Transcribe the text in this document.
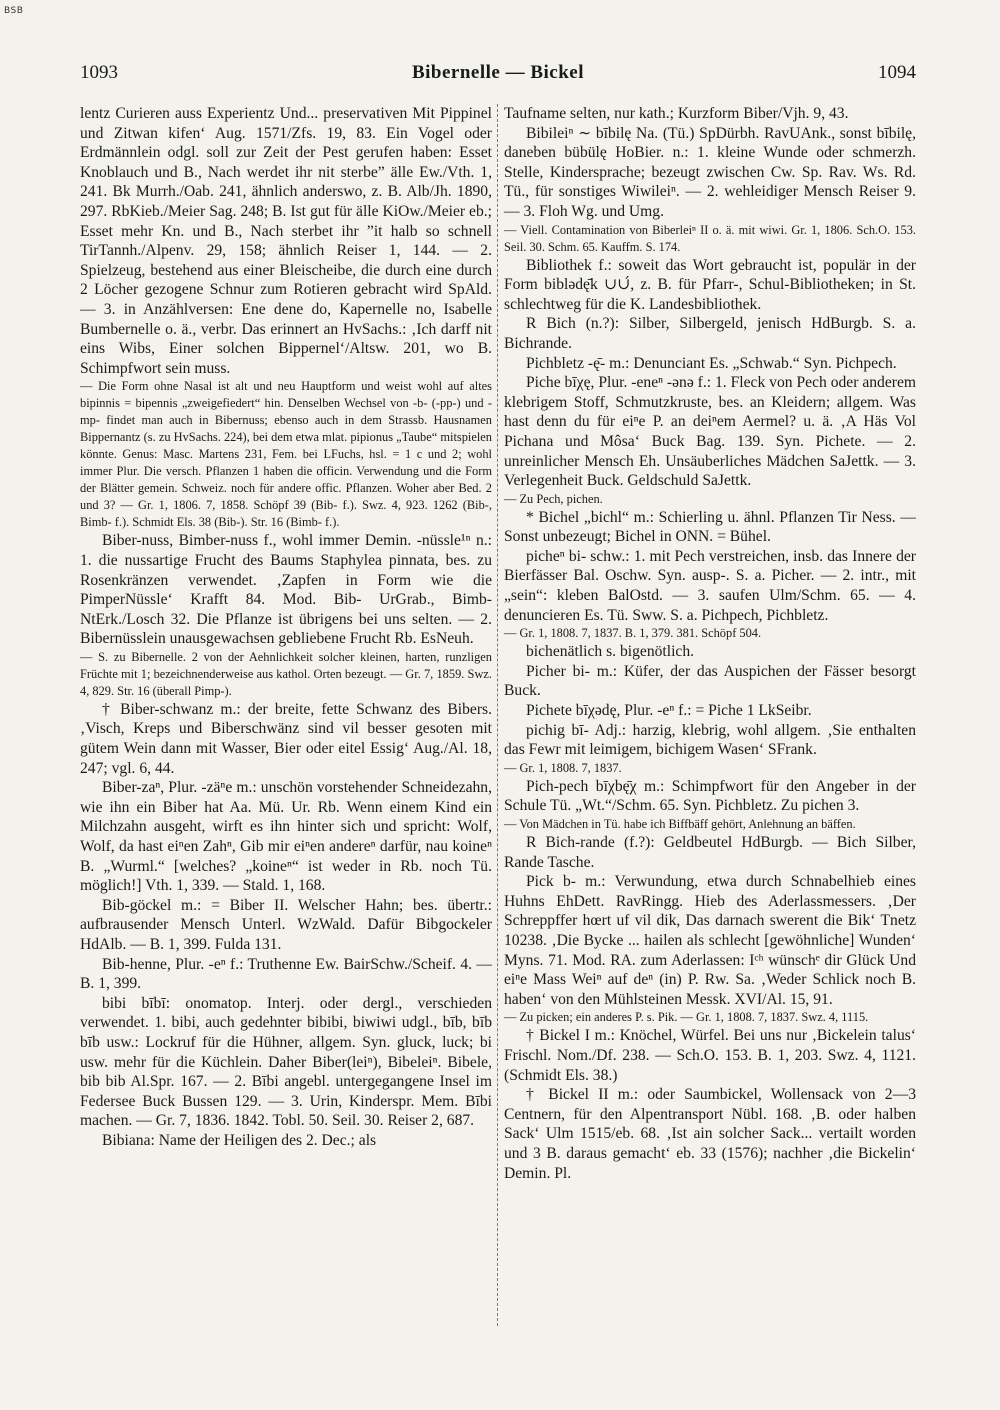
BSB
1093	Bibernelle — Bickel	1094

lentz Curieren auss Experientz Und... preservativen Mit Pippinel und Zitwan kifen‘ Aug. 1571/Zfs. 19, 83. Ein Vogel oder Erdmännlein odgl. soll zur Zeit der Pest gerufen haben: Esset Knoblauch und B., Nach werdet ihr nit sterbe” älle Ew./Vth. 1, 241. Bk Murrh./Oab. 241, ähnlich anderswo, z. B. Alb/Jh. 1890, 297. RbKieb./Meier Sag. 248; B. Ist gut für älle KiOw./Meier eb.; Esset mehr Kn. und B., Nach sterbet ihr ”it halb so schnell TirTannh./Alpenv. 29, 158; ähnlich Reiser 1, 144. — 2. Spielzeug, bestehend aus einer Bleischeibe, die durch eine durch 2 Löcher gezogene Schnur zum Rotieren gebracht wird SpAld. — 3. in Anzählversen: Ene dene do, Kapernelle no, Isabelle Bumbernelle o. ä., verbr. Das erinnert an HvSachs.: ‚Ich darff nit eins Wibs, Einer solchen Bippernel‘/Altsw. 201, wo B. Schimpfwort sein muss.

— Die Form ohne Nasal ist alt und neu Hauptform und weist wohl auf altes bipinnis = bipennis „zweigefiedert“ hin. Denselben Wechsel von -b- (-pp-) und -mp- findet man auch in Bibernuss; ebenso auch in dem Strassb. Hausnamen Bippernantz (s. zu HvSachs. 224), bei dem etwa mlat. pipionus „Taube“ mitspielen könnte. Genus: Masc. Martens 231, Fem. bei LFuchs, hsl. = 1 c und 2; wohl immer Plur. Die versch. Pflanzen 1 haben die officin. Verwendung und die Form der Blätter gemein. Schweiz. noch für andere offic. Pflanzen. Woher aber Bed. 2 und 3? — Gr. 1, 1806. 7, 1858. Schöpf 39 (Bib- f.). Swz. 4, 923. 1262 (Bib-, Bimb- f.). Schmidt Els. 38 (Bib-). Str. 16 (Bimb- f.).

Biber-nuss, Bimber-nuss f., wohl immer Demin. -nüssle¹ⁿ n.: 1. die nussartige Frucht des Baums Staphylea pinnata, bes. zu Rosenkränzen verwendet. ‚Zapfen in Form wie die PimperNüssle‘ Krafft 84. Mod. Bib- UrGrab., Bimb- NtErk./Losch 32. Die Pflanze ist übrigens bei uns selten. — 2. Bibernüsslein unausgewachsen gebliebene Frucht Rb. EsNeuh.

— S. zu Bibernelle. 2 von der Aehnlichkeit solcher kleinen, harten, runzligen Früchte mit 1; bezeichnenderweise aus kathol. Orten bezeugt. — Gr. 7, 1859. Swz. 4, 829. Str. 16 (überall Pimp-).

† Biber-schwanz m.: der breite, fette Schwanz des Bibers. ‚Visch, Kreps und Biberschwänz sind vil besser gesoten mit gütem Wein dann mit Wasser, Bier oder eitel Essig‘ Aug./Al. 18, 247; vgl. 6, 44.

Biber-zaⁿ, Plur. -zäⁿe m.: unschön vorstehender Schneidezahn, wie ihn ein Biber hat Aa. Mü. Ur. Rb. Wenn einem Kind ein Milchzahn ausgeht, wirft es ihn hinter sich und spricht: Wolf, Wolf, da hast eiⁿen Zahⁿ, Gib mir eiⁿen andereⁿ darfür, nau koineⁿ B. „Wurml.“ [welches? „koineⁿ“ ist weder in Rb. noch Tü. möglich!] Vth. 1, 339. — Stald. 1, 168.

Bib-göckel m.: = Biber II. Welscher Hahn; bes. übertr.: aufbrausender Mensch Unterl. WzWald. Dafür Bibgockeler HdAlb. — B. 1, 399. Fulda 131.

Bib-henne, Plur. -eⁿ f.: Truthenne Ew. BairSchw./Scheif. 4. — B. 1, 399.

bibi bībī: onomatop. Interj. oder dergl., verschieden verwendet. 1. bibi, auch gedehnter bibibi, biwiwi udgl., bīb, bīb bīb usw.: Lockruf für die Hühner, allgem. Syn. gluck, luck; bi usw. mehr für die Küchlein. Daher Biber(leiⁿ), Bibeleiⁿ. Bibele, bib bib Al.Spr. 167. — 2. Bībi angebl. untergegangene Insel im Federsee Buck Bussen 129. — 3. Urin, Kinderspr. Mem. Bībi machen. — Gr. 7, 1836. 1842. Tobl. 50. Seil. 30. Reiser 2, 687.

Bibiana: Name der Heiligen des 2. Dec.; als

Taufname selten, nur kath.; Kurzform Biber/Vjh. 9, 43.

Bibileiⁿ ∼ bībilę Na. (Tü.) SpDürbh. RavUAnk., sonst bībilę, daneben bübülę HoBier. n.: 1. kleine Wunde oder schmerzh. Stelle, Kindersprache; bezeugt zwischen Cw. Sp. Rav. Ws. Rd. Tü., für sonstiges Wiwileiⁿ. — 2. wehleidiger Mensch Reiser 9. — 3. Floh Wg. und Umg.

— Viell. Contamination von Biberleiⁿ II o. ä. mit wiwi. Gr. 1, 1806. Sch.O. 153. Seil. 30. Schm. 65. Kauffm. S. 174.

Bibliothek f.: soweit das Wort gebraucht ist, populär in der Form biblədę̄k ∪∪́, z. B. für Pfarr-, Schul-Bibliotheken; in St. schlechtweg für die K. Landesbibliothek.

R Bich (n.?): Silber, Silbergeld, jenisch HdBurgb. S. a. Bichrande.

Pichbletz -ę̄- m.: Denunciant Es. „Schwab.“ Syn. Pichpech.

Piche bīχę, Plur. -eneⁿ -ənə f.: 1. Fleck von Pech oder anderem klebrigem Stoff, Schmutzkruste, bes. an Kleidern; allgem. Was hast denn du für eiⁿe P. an deiⁿem Aermel? u. ä. ‚A Häs Vol Pichana und Môsa‘ Buck Bag. 139. Syn. Pichete. — 2. unreinlicher Mensch Eh. Unsäuberliches Mädchen SaJettk. — 3. Verlegenheit Buck. Geldschuld SaJettk.

— Zu Pech, pichen.

* Bichel „bichl“ m.: Schierling u. ähnl. Pflanzen Tir Ness. — Sonst unbezeugt; Bichel in ONN. = Bühel.

picheⁿ bi- schw.: 1. mit Pech verstreichen, insb. das Innere der Bierfässer Bal. Oschw. Syn. ausp-. S. a. Picher. — 2. intr., mit „sein“: kleben BalOstd. — 3. saufen Ulm/Schm. 65. — 4. denuncieren Es. Tü. Sww. S. a. Pichpech, Pichbletz.

— Gr. 1, 1808. 7, 1837. B. 1, 379. 381. Schöpf 504.

bichenätlich s. bigenötlich.

Picher bi- m.: Küfer, der das Auspichen der Fässer besorgt Buck.

Pichete bīχədę, Plur. -eⁿ f.: = Piche 1 LkSeibr.

pichig bī- Adj.: harzig, klebrig, wohl allgem. ‚Sie enthalten das Fewr mit leimigem, bichigem Wasen‘ SFrank.

— Gr. 1, 1808. 7, 1837.

Pich-pech bīχbę̄χ m.: Schimpfwort für den Angeber in der Schule Tü. „Wt.“/Schm. 65. Syn. Pichbletz. Zu pichen 3.

— Von Mädchen in Tü. habe ich Biffbäff gehört, Anlehnung an bäffen.

R Bich-rande (f.?): Geldbeutel HdBurgb. — Bich Silber, Rande Tasche.

Pick b- m.: Verwundung, etwa durch Schnabelhieb eines Huhns EhDett. RavRingg. Hieb des Aderlassmessers. ‚Der Schreppffer hœrt uf vil dik, Das darnach swerent die Bik‘ Tnetz 10238. ‚Die Bycke ... hailen als schlecht [gewöhnliche] Wunden‘ Myns. 71. Mod. RA. zum Aderlassen: Iᶜʰ wünschᵉ dir Glück Und eiⁿe Mass Weiⁿ auf deⁿ (in) P. Rw. Sa. ‚Weder Schlick noch B. haben‘ von den Mühlsteinen Messk. XVI/Al. 15, 91.

— Zu picken; ein anderes P. s. Pik. — Gr. 1, 1808. 7, 1837. Swz. 4, 1115.

† Bickel I m.: Knöchel, Würfel. Bei uns nur ‚Bickelein talus‘ Frischl. Nom./Df. 238. — Sch.O. 153. B. 1, 203. Swz. 4, 1121. (Schmidt Els. 38.)

† Bickel II m.: oder Saumbickel, Wollensack von 2—3 Centnern, für den Alpentransport Nübl. 168. ‚B. oder halben Sack‘ Ulm 1515/eb. 68. ‚Ist ain solcher Sack... vertailt worden und 3 B. daraus gemacht‘ eb. 33 (1576); nachher ‚die Bickelin‘ Demin. Pl.
